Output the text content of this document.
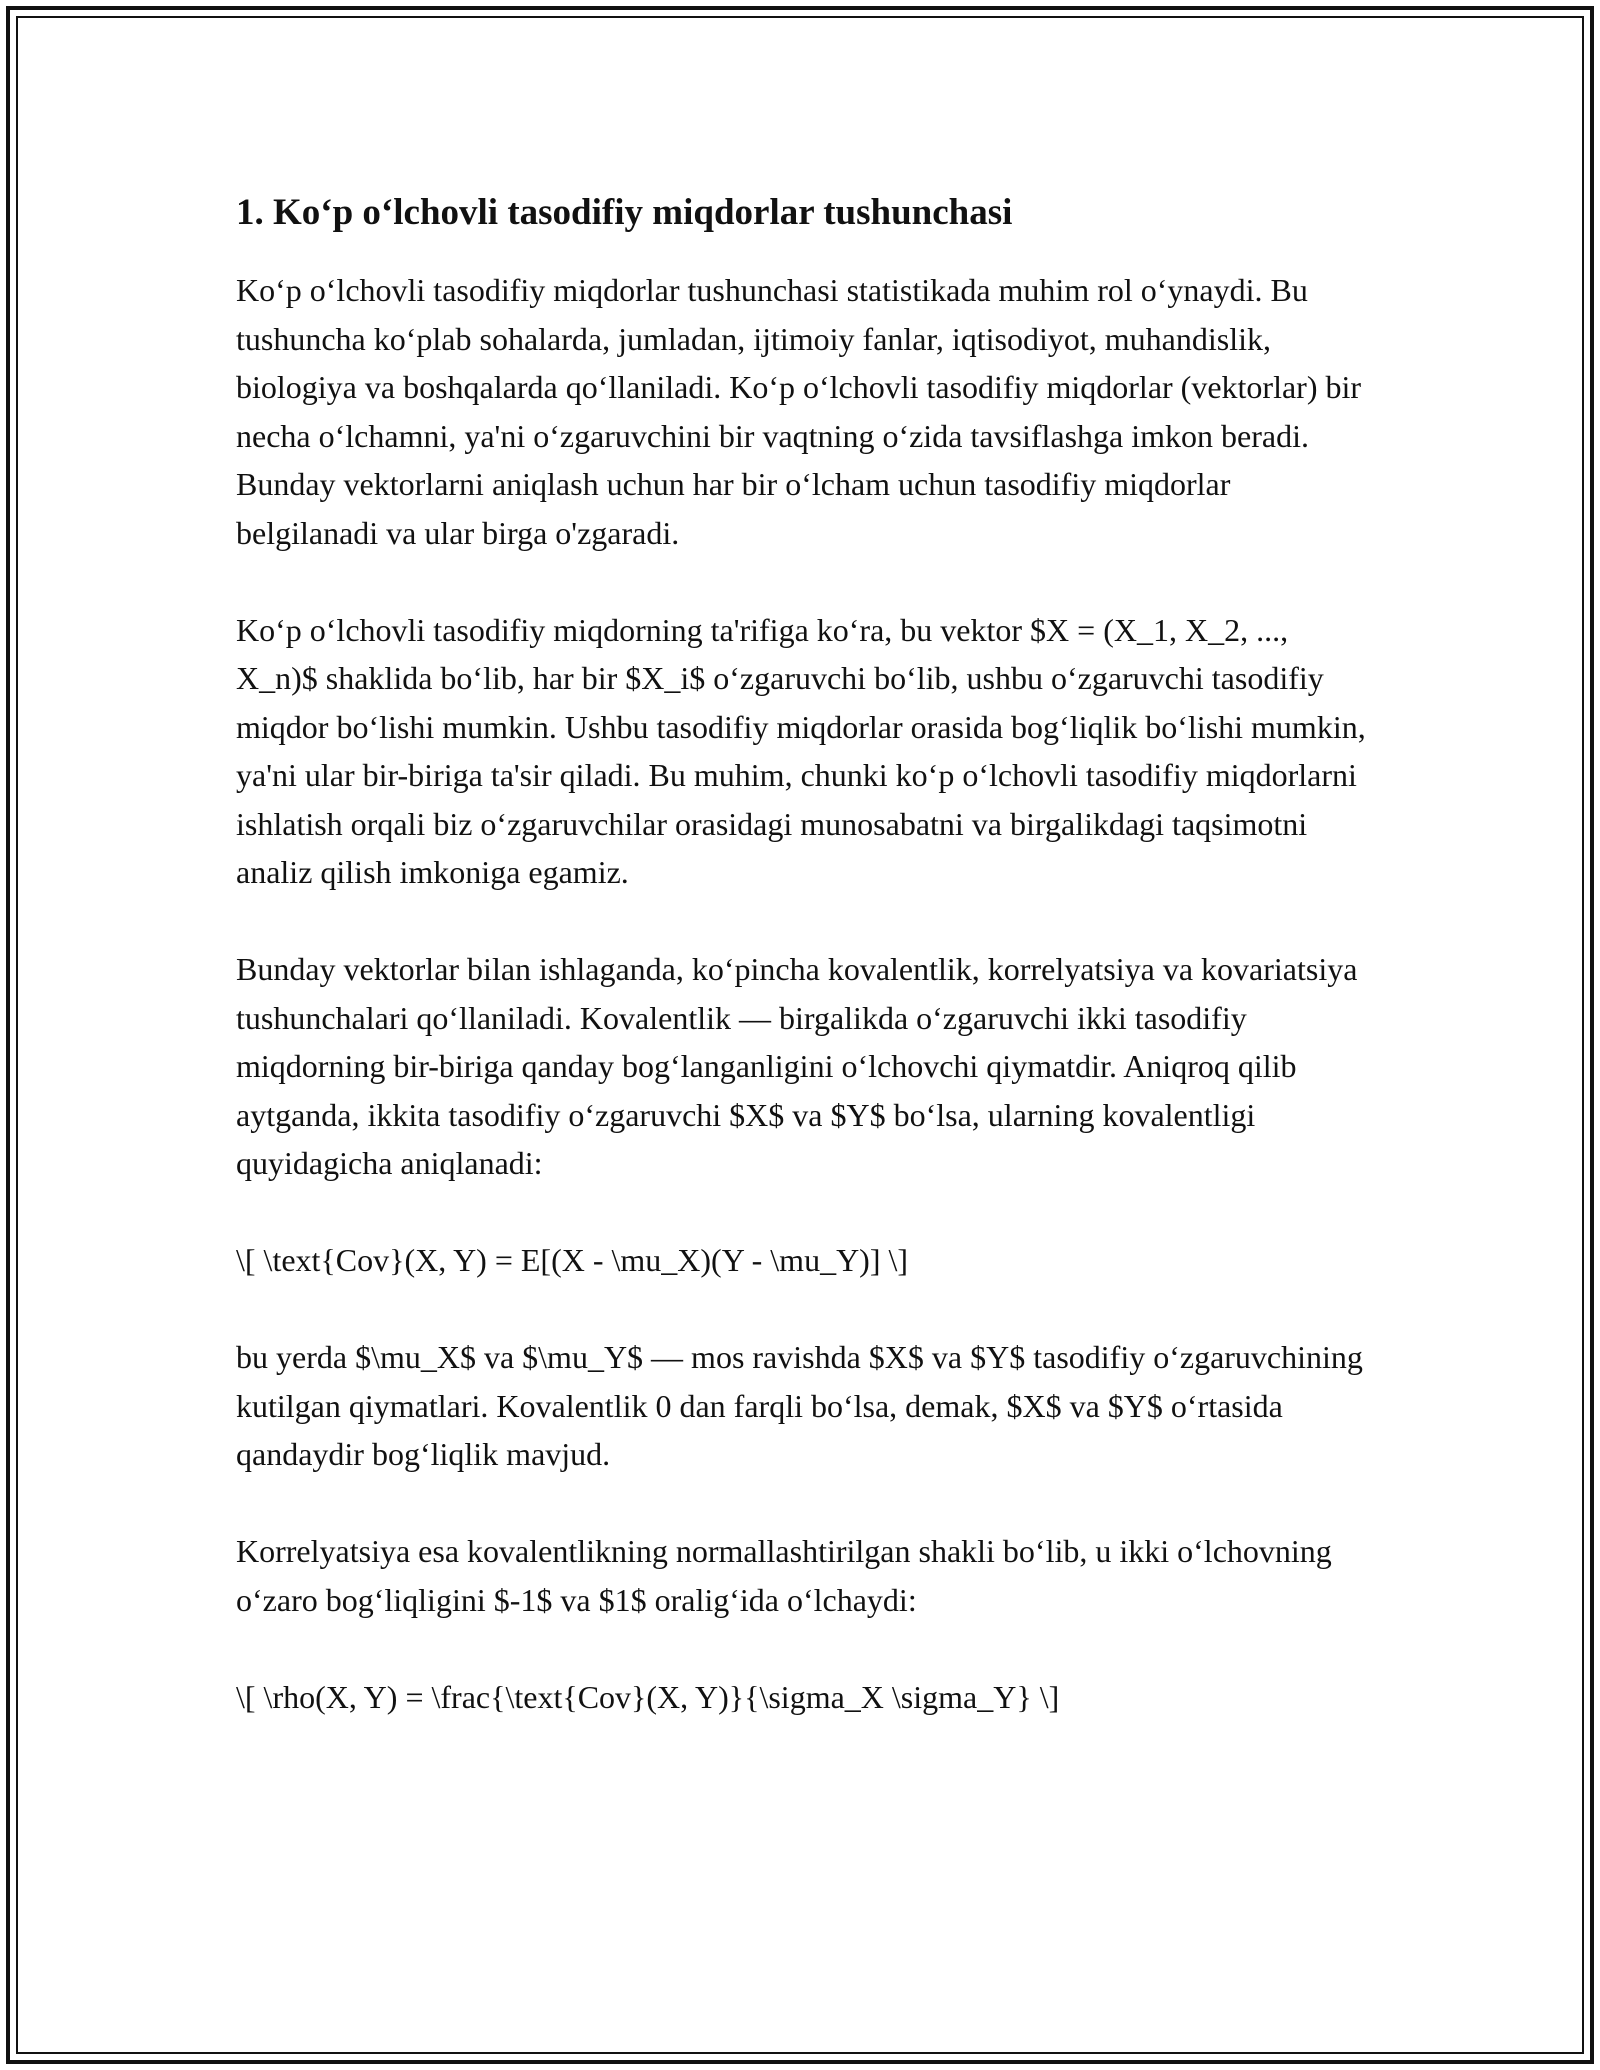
1. Ko‘p o‘lchovli tasodifiy miqdorlar tushunchasi

Ko‘p o‘lchovli tasodifiy miqdorlar tushunchasi statistikada muhim rol o‘ynaydi. Bu tushuncha ko‘plab sohalarda, jumladan, ijtimoiy fanlar, iqtisodiyot, muhandislik, biologiya va boshqalarda qo‘llaniladi. Ko‘p o‘lchovli tasodifiy miqdorlar (vektorlar) bir necha o‘lchamni, ya'ni o‘zgaruvchini bir vaqtning o‘zida tavsiflashga imkon beradi. Bunday vektorlarni aniqlash uchun har bir o‘lcham uchun tasodifiy miqdorlar belgilanadi va ular birga o'zgaradi.

Ko‘p o‘lchovli tasodifiy miqdorning ta'rifiga ko‘ra, bu vektor $X = (X_1, X_2, ..., X_n)$ shaklida bo‘lib, har bir $X_i$ o‘zgaruvchi bo‘lib, ushbu o‘zgaruvchi tasodifiy miqdor bo‘lishi mumkin. Ushbu tasodifiy miqdorlar orasida bog‘liqlik bo‘lishi mumkin, ya'ni ular bir-biriga ta'sir qiladi. Bu muhim, chunki ko‘p o‘lchovli tasodifiy miqdorlarni ishlatish orqali biz o‘zgaruvchilar orasidagi munosabatni va birgalikdagi taqsimotni analiz qilish imkoniga egamiz.

Bunday vektorlar bilan ishlaganda, ko‘pincha kovalentlik, korrelyatsiya va kovariatsiya tushunchalari qo‘llaniladi. Kovalentlik — birgalikda o‘zgaruvchi ikki tasodifiy miqdorning bir-biriga qanday bog‘langanligini o‘lchovchi qiymatdir. Aniqroq qilib aytganda, ikkita tasodifiy o‘zgaruvchi $X$ va $Y$ bo‘lsa, ularning kovalentligi quyidagicha aniqlanadi:

\[ \text{Cov}(X, Y) = E[(X - \mu_X)(Y - \mu_Y)] \]

bu yerda $\mu_X$ va $\mu_Y$ — mos ravishda $X$ va $Y$ tasodifiy o‘zgaruvchining kutilgan qiymatlari. Kovalentlik 0 dan farqli bo‘lsa, demak, $X$ va $Y$ o‘rtasida qandaydir bog‘liqlik mavjud.

Korrelyatsiya esa kovalentlikning normallashtirilgan shakli bo‘lib, u ikki o‘lchovning o‘zaro bog‘liqligini $-1$ va $1$ oralig‘ida o‘lchaydi:

\[ \rho(X, Y) = \frac{\text{Cov}(X, Y)}{\sigma_X \sigma_Y} \]
